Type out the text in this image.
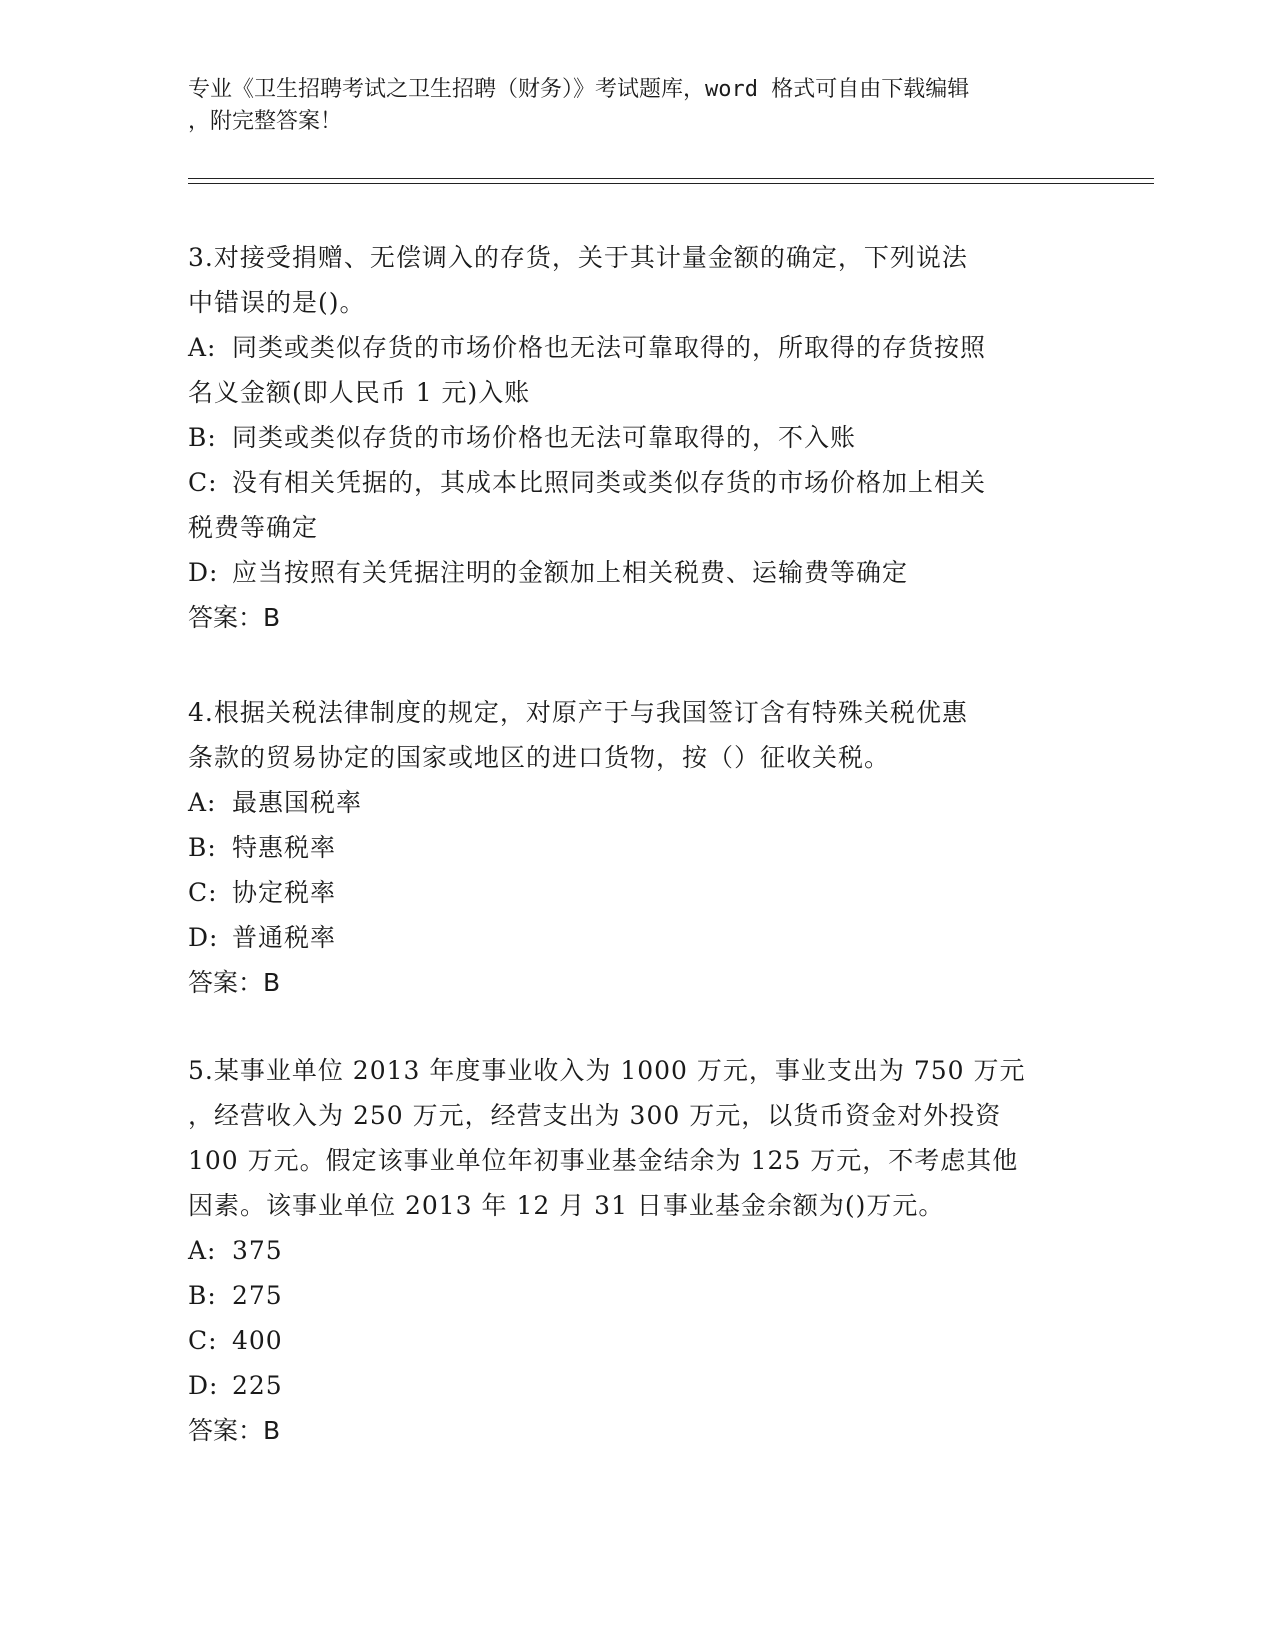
专业《卫生招聘考试之卫生招聘（财务）》考试题库，word 格式可自由下载编辑
，附完整答案！

3.对接受捐赠、无偿调入的存货，关于其计量金额的确定，下列说法

中错误的是()。

A: 同类或类似存货的市场价格也无法可靠取得的，所取得的存货按照

名义金额(即人民币 1 元)入账

B: 同类或类似存货的市场价格也无法可靠取得的，不入账

C: 没有相关凭据的，其成本比照同类或类似存货的市场价格加上相关

税费等确定

D: 应当按照有关凭据注明的金额加上相关税费、运输费等确定

答案：B

4.根据关税法律制度的规定，对原产于与我国签订含有特殊关税优惠

条款的贸易协定的国家或地区的进口货物，按（）征收关税。

A: 最惠国税率

B: 特惠税率

C: 协定税率

D: 普通税率

答案：B

5.某事业单位 2013 年度事业收入为 1000 万元，事业支出为 750 万元

，经营收入为 250 万元，经营支出为 300 万元，以货币资金对外投资

100 万元。假定该事业单位年初事业基金结余为 125 万元，不考虑其他

因素。该事业单位 2013 年 12 月 31 日事业基金余额为()万元。

A: 375

B: 275

C: 400

D: 225

答案：B
